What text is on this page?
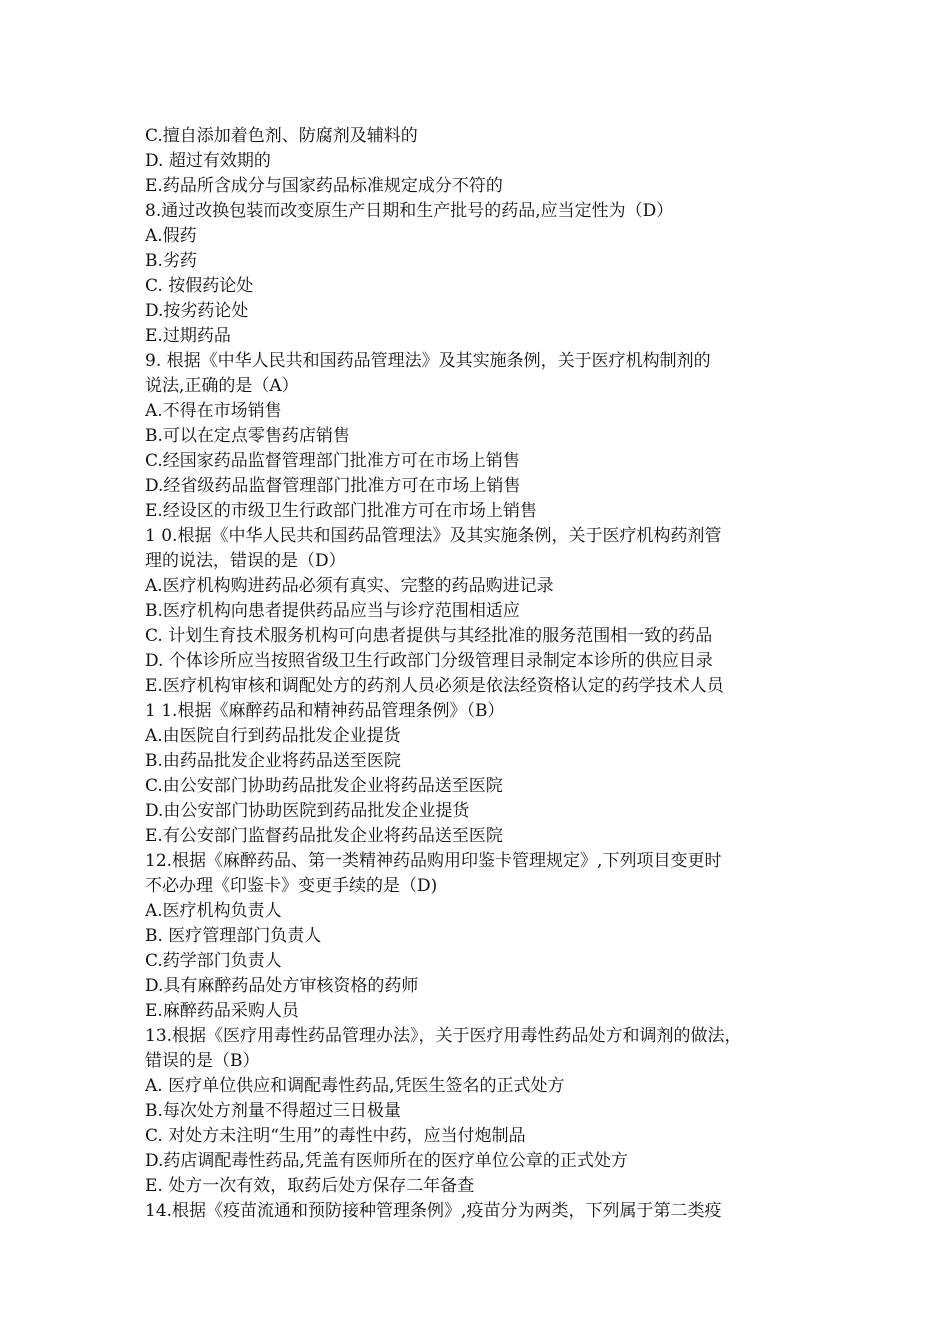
C.擅自添加着色剂、防腐剂及辅料的
D. 超过有效期的
E.药品所含成分与国家药品标准规定成分不符的
8.通过改换包装而改变原生产日期和生产批号的药品,应当定性为（D）
A.假药
B.劣药
C. 按假药论处
D.按劣药论处
E.过期药品
9. 根据《中华人民共和国药品管理法》及其实施条例，关于医疗机构制剂的
说法,正确的是（A）
A.不得在市场销售
B.可以在定点零售药店销售
C.经国家药品监督管理部门批准方可在市场上销售
D.经省级药品监督管理部门批准方可在市场上销售
E.经设区的市级卫生行政部门批准方可在市场上销售
1 0.根据《中华人民共和国药品管理法》及其实施条例，关于医疗机构药剂管
理的说法，错误的是（D）
A.医疗机构购进药品必须有真实、完整的药品购进记录
B.医疗机构向患者提供药品应当与诊疗范围相适应
C. 计划生育技术服务机构可向患者提供与其经批准的服务范围相一致的药品
D. 个体诊所应当按照省级卫生行政部门分级管理目录制定本诊所的供应目录
E.医疗机构审核和调配处方的药剂人员必须是依法经资格认定的药学技术人员
1 1.根据《麻醉药品和精神药品管理条例》（B）
A.由医院自行到药品批发企业提货
B.由药品批发企业将药品送至医院
C.由公安部门协助药品批发企业将药品送至医院
D.由公安部门协助医院到药品批发企业提货
E.有公安部门监督药品批发企业将药品送至医院
12.根据《麻醉药品、第一类精神药品购用印鉴卡管理规定》,下列项目变更时
不必办理《印鉴卡》变更手续的是（D)
A.医疗机构负责人
B. 医疗管理部门负责人
C.药学部门负责人
D.具有麻醉药品处方审核资格的药师
E.麻醉药品采购人员
13.根据《医疗用毒性药品管理办法》，关于医疗用毒性药品处方和调剂的做法，
错误的是（B）
A. 医疗单位供应和调配毒性药品,凭医生签名的正式处方
B.每次处方剂量不得超过三日极量
C. 对处方未注明“生用”的毒性中药，应当付炮制品
D.药店调配毒性药品,凭盖有医师所在的医疗单位公章的正式处方
E. 处方一次有效，取药后处方保存二年备查
14.根据《疫苗流通和预防接种管理条例》,疫苗分为两类，下列属于第二类疫
